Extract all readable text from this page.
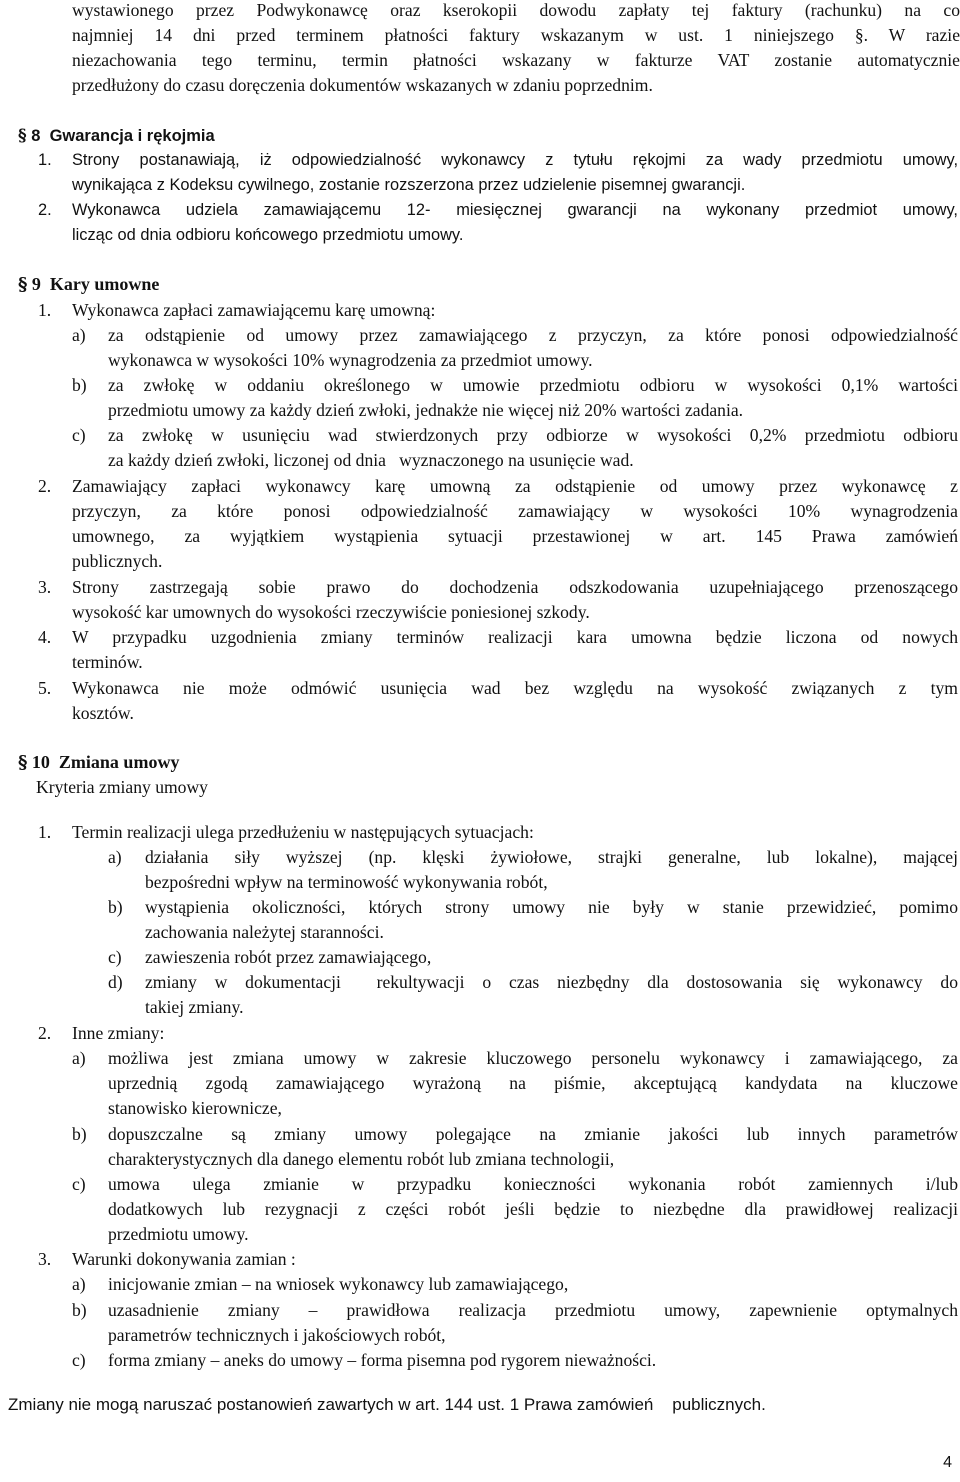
wystawionego przez Podwykonawcę oraz kserokopii dowodu zapłaty tej faktury (rachunku) na co
najmniej 14 dni przed terminem płatności faktury wskazanym w ust. 1 niniejszego §. W razie
niezachowania tego terminu, termin płatności wskazany w fakturze VAT zostanie automatycznie
przedłużony do czasu doręczenia dokumentów wskazanych w zdaniu poprzednim.
§ 8  Gwarancja i rękojmia
1.	Strony postanawiają, iż odpowiedzialność wykonawcy z tytułu rękojmi za wady przedmiotu umowy,
wynikająca z Kodeksu cywilnego, zostanie rozszerzona przez udzielenie pisemnej gwarancji.
2.	Wykonawca udziela zamawiającemu 12- miesięcznej gwarancji na wykonany przedmiot umowy,
licząc od dnia odbioru końcowego przedmiotu umowy.
§ 9  Kary umowne
1. Wykonawca zapłaci zamawiającemu karę umowną:
a) za odstąpienie od umowy przez zamawiającego z przyczyn, za które ponosi odpowiedzialność
wykonawca w wysokości 10% wynagrodzenia za przedmiot umowy.
b) za zwłokę w oddaniu określonego w umowie przedmiotu odbioru w wysokości 0,1% wartości
przedmiotu umowy za każdy dzień zwłoki, jednakże nie więcej niż 20% wartości zadania.
c) za zwłokę w usunięciu wad stwierdzonych przy odbiorze w wysokości 0,2% przedmiotu odbioru
za każdy dzień zwłoki, liczonej od dnia   wyznaczonego na usunięcie wad.
2. Zamawiający zapłaci wykonawcy karę umowną za odstąpienie od umowy przez wykonawcę z
przyczyn, za które ponosi odpowiedzialność zamawiający w wysokości 10% wynagrodzenia
umownego, za wyjątkiem wystąpienia sytuacji przestawionej w art. 145 Prawa zamówień
publicznych.
3. Strony zastrzegają sobie prawo do dochodzenia odszkodowania uzupełniającego przenoszącego
wysokość kar umownych do wysokości rzeczywiście poniesionej szkody.
4. W przypadku uzgodnienia zmiany terminów realizacji kara umowna będzie liczona od nowych
terminów.
5. Wykonawca nie może odmówić usunięcia wad bez względu na wysokość związanych z tym
kosztów.
§ 10  Zmiana umowy
Kryteria zmiany umowy
1. Termin realizacji ulega przedłużeniu w następujących sytuacjach:
a) działania siły wyższej (np. klęski żywiołowe, strajki generalne, lub lokalne), mającej
bezpośredni wpływ na terminowość wykonywania robót,
b) wystąpienia okoliczności, których strony umowy nie były w stanie przewidzieć, pomimo
zachowania należytej staranności.
c) zawieszenia robót przez zamawiającego,
d) zmiany w dokumentacji  rekultywacji o czas niezbędny dla dostosowania się wykonawcy do
takiej zmiany.
2. Inne zmiany:
a) możliwa jest zmiana umowy w zakresie kluczowego personelu wykonawcy i zamawiającego, za
uprzednią zgodą zamawiającego wyrażoną na piśmie, akceptującą kandydata na kluczowe
stanowisko kierownicze,
b) dopuszczalne są zmiany umowy polegające na zmianie jakości lub innych parametrów
charakterystycznych dla danego elementu robót lub zmiana technologii,
c) umowa ulega zmianie w przypadku konieczności wykonania robót zamiennych i/lub
dodatkowych lub rezygnacji z części robót jeśli będzie to niezbędne dla prawidłowej realizacji
przedmiotu umowy.
3. Warunki dokonywania zamian :
a) inicjowanie zmian – na wniosek wykonawcy lub zamawiającego,
b) uzasadnienie zmiany – prawidłowa realizacja przedmiotu umowy, zapewnienie optymalnych
parametrów technicznych i jakościowych robót,
c) forma zmiany – aneks do umowy – forma pisemna pod rygorem nieważności.
Zmiany nie mogą naruszać postanowień zawartych w art. 144 ust. 1 Prawa zamówień    publicznych.
4
